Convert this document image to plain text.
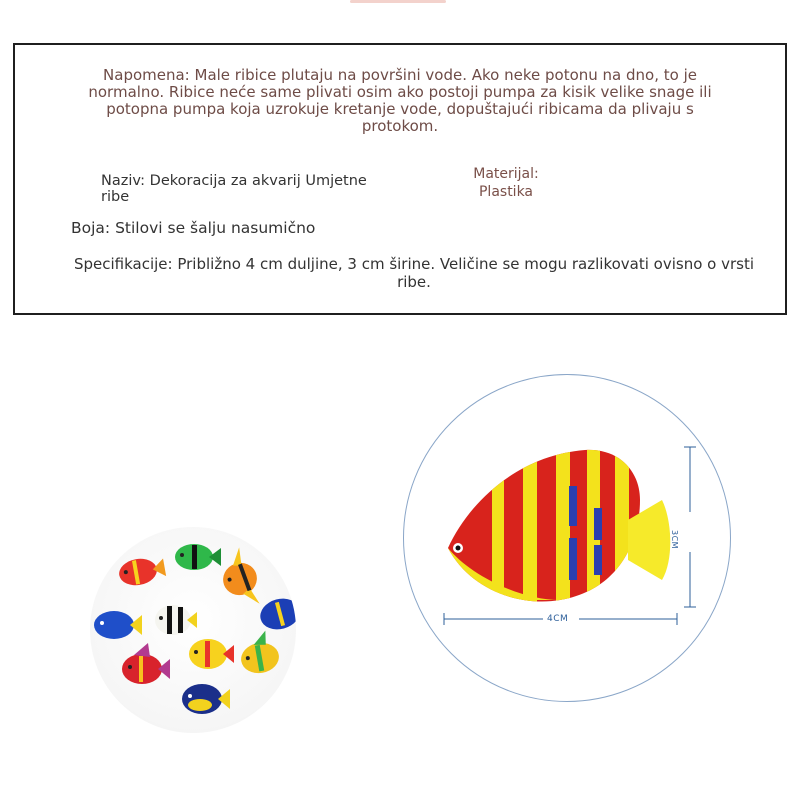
Napomena: Male ribice plutaju na površini vode. Ako neke potonu na dno, to je normalno. Ribice neće same plivati osim ako postoji pumpa za kisik velike snage ili potopna pumpa koja uzrokuje kretanje vode, dopuštajući ribicama da plivaju s protokom.
Naziv: Dekoracija za akvarij Umjetne ribe
Materijal:
Plastika
Boja: Stilovi se šalju nasumično
Specifikacije: Približno 4 cm duljine, 3 cm širine. Veličine se mogu razlikovati ovisno o vrsti ribe.
4CM
3CM
